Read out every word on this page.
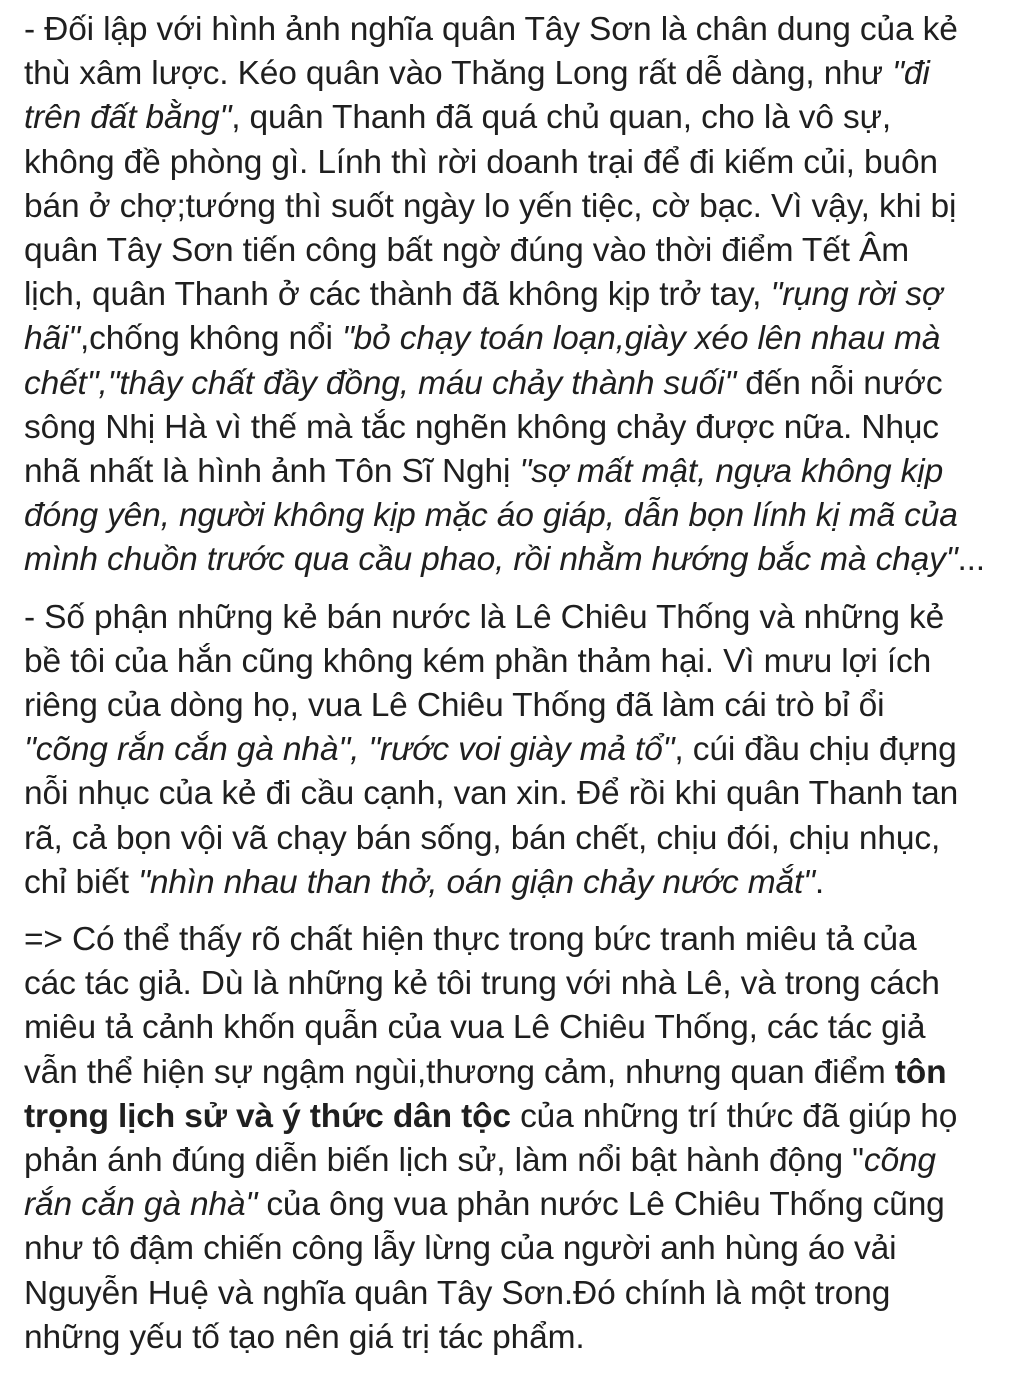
- Đối lập với hình ảnh nghĩa quân Tây Sơn là chân dung của kẻ
thù xâm lược. Kéo quân vào Thăng Long rất dễ dàng, như "đi
trên đất bằng", quân Thanh đã quá chủ quan, cho là vô sự,
không đề phòng gì. Lính thì rời doanh trại để đi kiếm củi, buôn
bán ở chợ;tướng thì suốt ngày lo yến tiệc, cờ bạc. Vì vậy, khi bị
quân Tây Sơn tiến công bất ngờ đúng vào thời điểm Tết Âm
lịch, quân Thanh ở các thành đã không kịp trở tay, "rụng rời sợ
hãi",chống không nổi "bỏ chạy toán loạn,giày xéo lên nhau mà
chết","thây chất đầy đồng, máu chảy thành suối" đến nỗi nước
sông Nhị Hà vì thế mà tắc nghẽn không chảy được nữa. Nhục
nhã nhất là hình ảnh Tôn Sĩ Nghị "sợ mất mật, ngựa không kịp
đóng yên, người không kịp mặc áo giáp, dẫn bọn lính kị mã của
mình chuồn trước qua cầu phao, rồi nhằm hướng bắc mà chạy"...

- Số phận những kẻ bán nước là Lê Chiêu Thống và những kẻ
bề tôi của hắn cũng không kém phần thảm hại. Vì mưu lợi ích
riêng của dòng họ, vua Lê Chiêu Thống đã làm cái trò bỉ ổi
"cõng rắn cắn gà nhà", "rước voi giày mả tổ", cúi đầu chịu đựng
nỗi nhục của kẻ đi cầu cạnh, van xin. Để rồi khi quân Thanh tan
rã, cả bọn vội vã chạy bán sống, bán chết, chịu đói, chịu nhục,
chỉ biết "nhìn nhau than thở, oán giận chảy nước mắt".

=> Có thể thấy rõ chất hiện thực trong bức tranh miêu tả của
các tác giả. Dù là những kẻ tôi trung với nhà Lê, và trong cách
miêu tả cảnh khốn quẫn của vua Lê Chiêu Thống, các tác giả
vẫn thể hiện sự ngậm ngùi,thương cảm, nhưng quan điểm tôn
trọng lịch sử và ý thức dân tộc của những trí thức đã giúp họ
phản ánh đúng diễn biến lịch sử, làm nổi bật hành động "cõng
rắn cắn gà nhà" của ông vua phản nước Lê Chiêu Thống cũng
như tô đậm chiến công lẫy lừng của người anh hùng áo vải
Nguyễn Huệ và nghĩa quân Tây Sơn.Đó chính là một trong
những yếu tố tạo nên giá trị tác phẩm.
